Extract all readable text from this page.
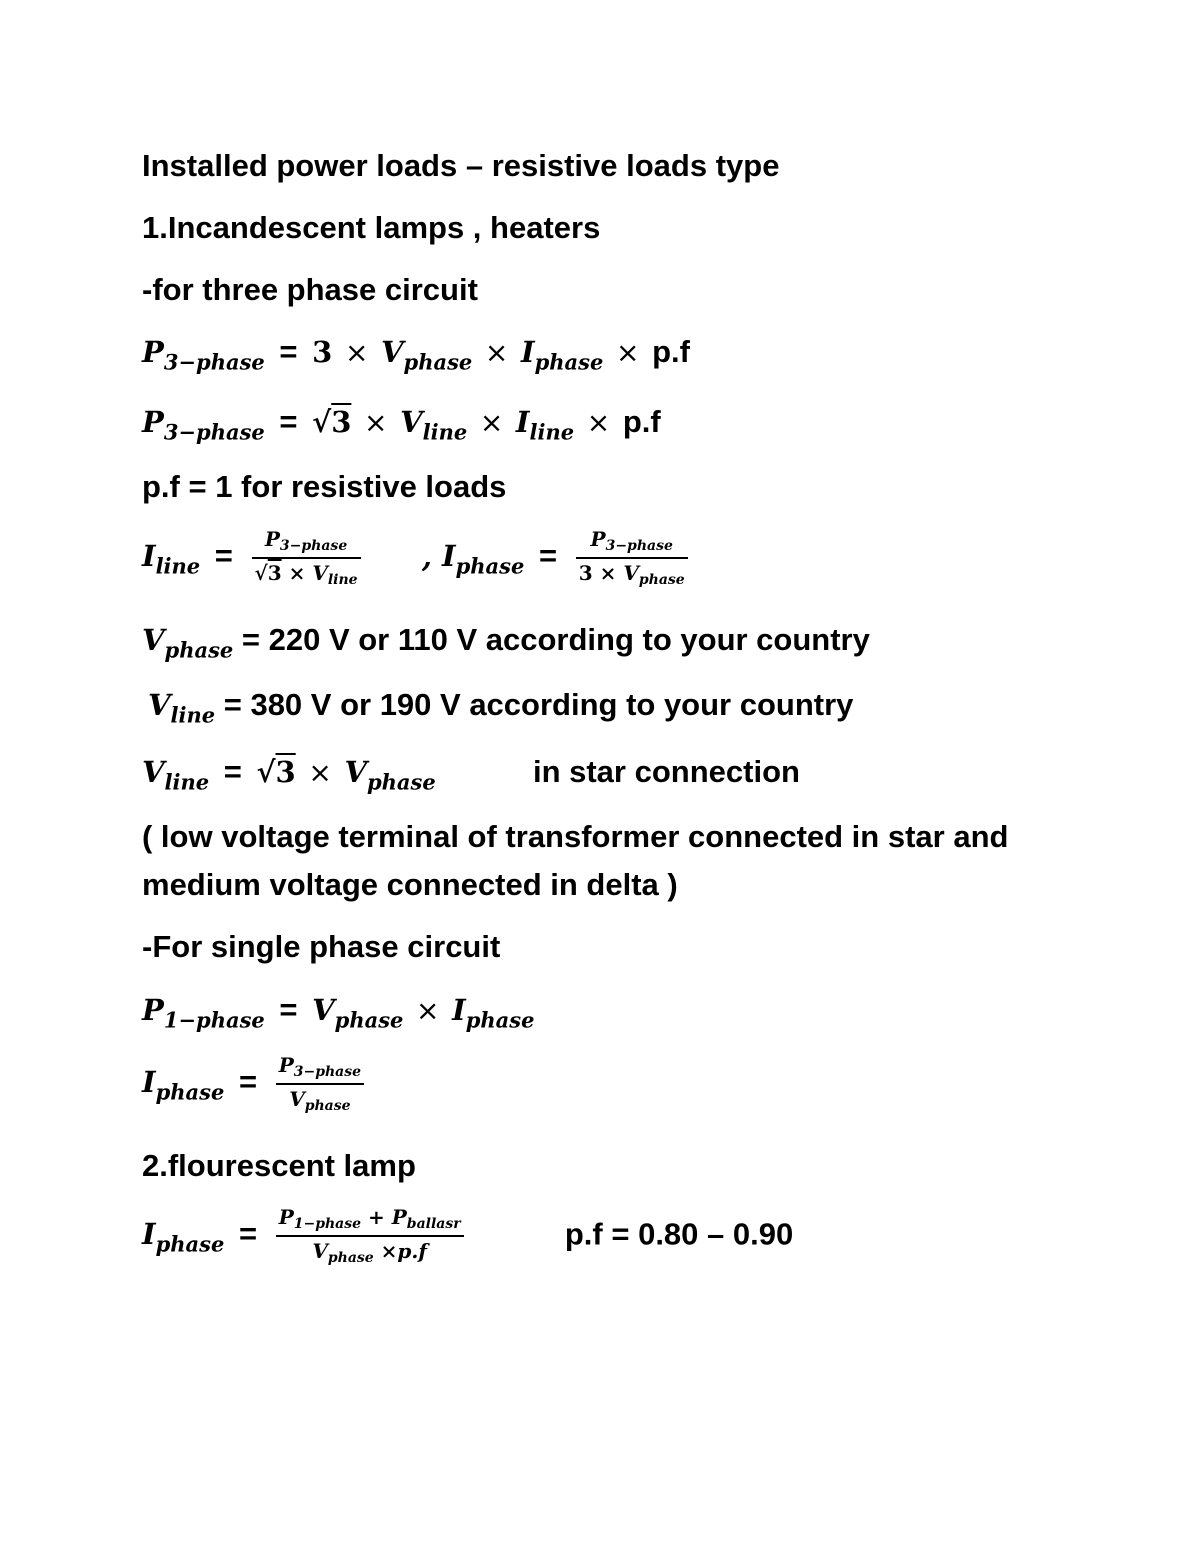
Installed power loads – resistive loads type
1.Incandescent lamps , heaters
-for three phase circuit
$P_{3-phase} = 3 \times V_{phase} \times I_{phase} \times p.f$
$P_{3-phase} = √3 \times V_{line} \times I_{line} \times p.f$
p.f = 1 for resistive loads
$I_{line} = \frac{P_{3-phase}}{√3 \times V_{line}}$ , $I_{phase} = \frac{P_{3-phase}}{3 \times V_{phase}}$
$V_{phase} = 220$ V or 110 V according to your country
$V_{line} = 380$ V or 190 V according to your country
$V_{line} = √3 \times V_{phase}$	in star connection
( low voltage terminal of transformer connected in star and
medium voltage connected in delta )
-For single phase circuit
$P_{1-phase} = V_{phase} \times I_{phase}$
$I_{phase} = \frac{P_{3-phase}}{V_{phase}}$
2.flourescent lamp
$I_{phase} = \frac{P_{1-phase} + P_{ballasr}}{V_{phase} \times p.f}$	p.f = 0.80 – 0.90
